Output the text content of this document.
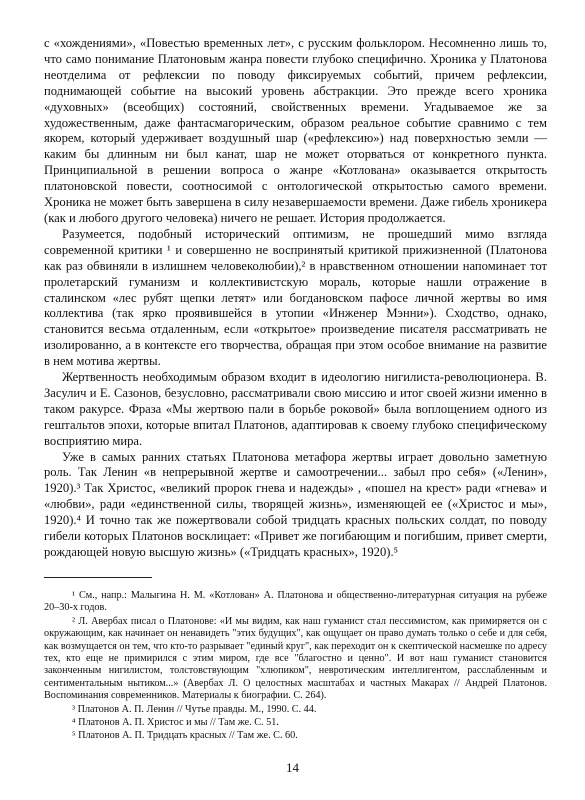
с «хождениями», «Повестью временных лет», с русским фольклором. Несомненно лишь то, что само понимание Платоновым жанра повести глубоко специфично. Хроника у Платонова неотделима от рефлексии по поводу фиксируемых событий, причем рефлексии, поднимающей событие на высокий уровень абстракции. Это прежде всего хроника «духовных» (всеобщих) состояний, свойственных времени. Угадываемое же за художественным, даже фантасмагорическим, образом реальное событие сравнимо с тем якорем, который удерживает воздушный шар («рефлексию») над поверхностью земли — каким бы длинным ни был канат, шар не может оторваться от конкретного пункта. Принципиальной в решении вопроса о жанре «Котлована» оказывается открытость платоновской повести, соотносимой с онтологической открытостью самого времени. Хроника не может быть завершена в силу незавершаемости времени. Даже гибель хроникера (как и любого другого человека) ничего не решает. История продолжается.

Разумеется, подобный исторический оптимизм, не прошедший мимо взгляда современной критики ¹ и совершенно не воспринятый критикой прижизненной (Платонова как раз обвиняли в излишнем человеколюбии),² в нравственном отношении напоминает тот пролетарский гуманизм и коллективистскую мораль, которые нашли отражение в сталинском «лес рубят щепки летят» или богдановском пафосе личной жертвы во имя коллектива (так ярко проявившейся в утопии «Инженер Мэнни»). Сходство, однако, становится весьма отдаленным, если «открытое» произведение писателя рассматривать не изолированно, а в контексте его творчества, обращая при этом особое внимание на развитие в нем мотива жертвы.

Жертвенность необходимым образом входит в идеологию нигилиста-революционера. В. Засулич и Е. Сазонов, безусловно, рассматривали свою миссию и итог своей жизни именно в таком ракурсе. Фраза «Мы жертвою пали в борьбе роковой» была воплощением одного из гештальтов эпохи, которые впитал Платонов, адаптировав к своему глубоко специфическому восприятию мира.

Уже в самых ранних статьях Платонова метафора жертвы играет довольно заметную роль. Так Ленин «в непрерывной жертве и самоотречении... забыл про себя» («Ленин», 1920).³ Так Христос, «великий пророк гнева и надежды» , «пошел на крест» ради «гнева» и «любви», ради «единственной силы, творящей жизнь», изменяющей ее («Христос и мы», 1920).⁴ И точно так же пожертвовали собой тридцать красных польских солдат, по поводу гибели которых Платонов восклицает: «Привет же погибающим и погибшим, привет смерти, рождающей новую высшую жизнь» («Тридцать красных», 1920).⁵

¹ См., напр.: Малыгина Н. М. «Котлован» А. Платонова и общественно-литературная ситуация на рубеже 20–30-х годов.

² Л. Авербах писал о Платонове: «И мы видим, как наш гуманист стал пессимистом, как примиряется он с окружающим, как начинает он ненавидеть "этих будущих", как ощущает он право думать только о себе и для себя, как возмущается он тем, что кто-то разрывает "единый круг", как переходит он к скептической насмешке по адресу тех, кто еще не примирился с этим миром, где все "благостно и ценно". И вот наш гуманист становится законченным нигилистом, толстовствующим "хлюпиком", невротическим интеллигентом, расслабленным и сентиментальным нытиком...» (Авербах Л. О целостных масштабах и частных Макарах // Андрей Платонов. Воспоминания современников. Материалы к биографии. С. 264).

³ Платонов А. П. Ленин // Чутье правды. М., 1990. С. 44.

⁴ Платонов А. П. Христос и мы // Там же. С. 51.

⁵ Платонов А. П. Тридцать красных // Там же. С. 60.

14
